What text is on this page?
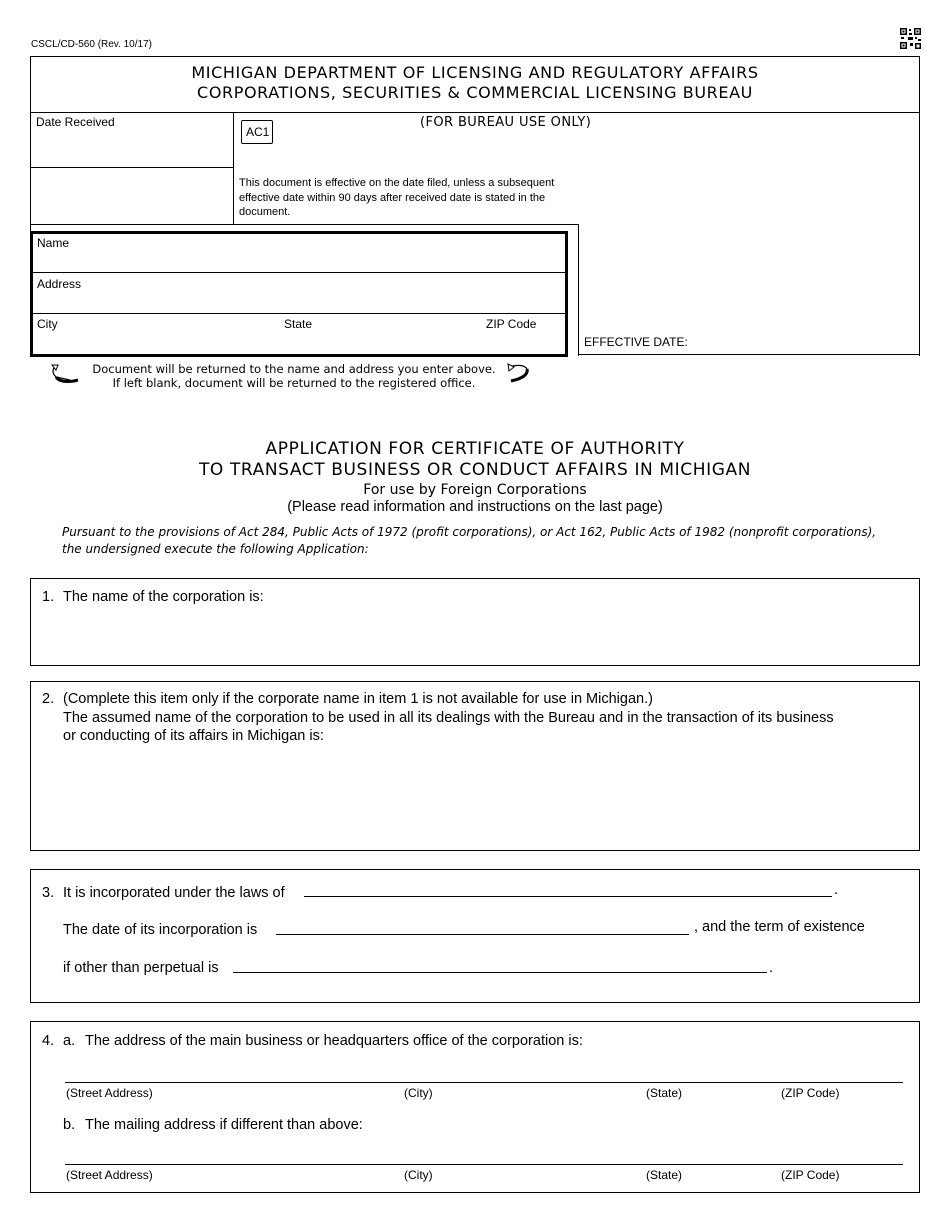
CSCL/CD-560 (Rev. 10/17)
MICHIGAN DEPARTMENT OF LICENSING AND REGULATORY AFFAIRS
CORPORATIONS, SECURITIES & COMMERCIAL LICENSING BUREAU
Date Received
AC1
(FOR BUREAU USE ONLY)
This document is effective on the date filed, unless a subsequent effective date within 90 days after received date is stated in the document.
EFFECTIVE DATE:
Name
Address
City	State	ZIP Code
Document will be returned to the name and address you enter above.
If left blank, document will be returned to the registered office.
APPLICATION FOR CERTIFICATE OF AUTHORITY
TO TRANSACT BUSINESS OR CONDUCT AFFAIRS IN MICHIGAN
For use by Foreign Corporations
(Please read information and instructions on the last page)
Pursuant to the provisions of Act 284, Public Acts of 1972 (profit corporations), or Act 162, Public Acts of 1982 (nonprofit corporations),
the undersigned execute the following Application:
1. The name of the corporation is:
2. (Complete this item only if the corporate name in item 1 is not available for use in Michigan.)
The assumed name of the corporation to be used in all its dealings with the Bureau and in the transaction of its business
or conducting of its affairs in Michigan is:
3. It is incorporated under the laws of	.
The date of its incorporation is	, and the term of existence
if other than perpetual is	.
4. a. The address of the main business or headquarters office of the corporation is:
(Street Address)	(City)	(State)	(ZIP Code)
b. The mailing address if different than above:
(Street Address)	(City)	(State)	(ZIP Code)
